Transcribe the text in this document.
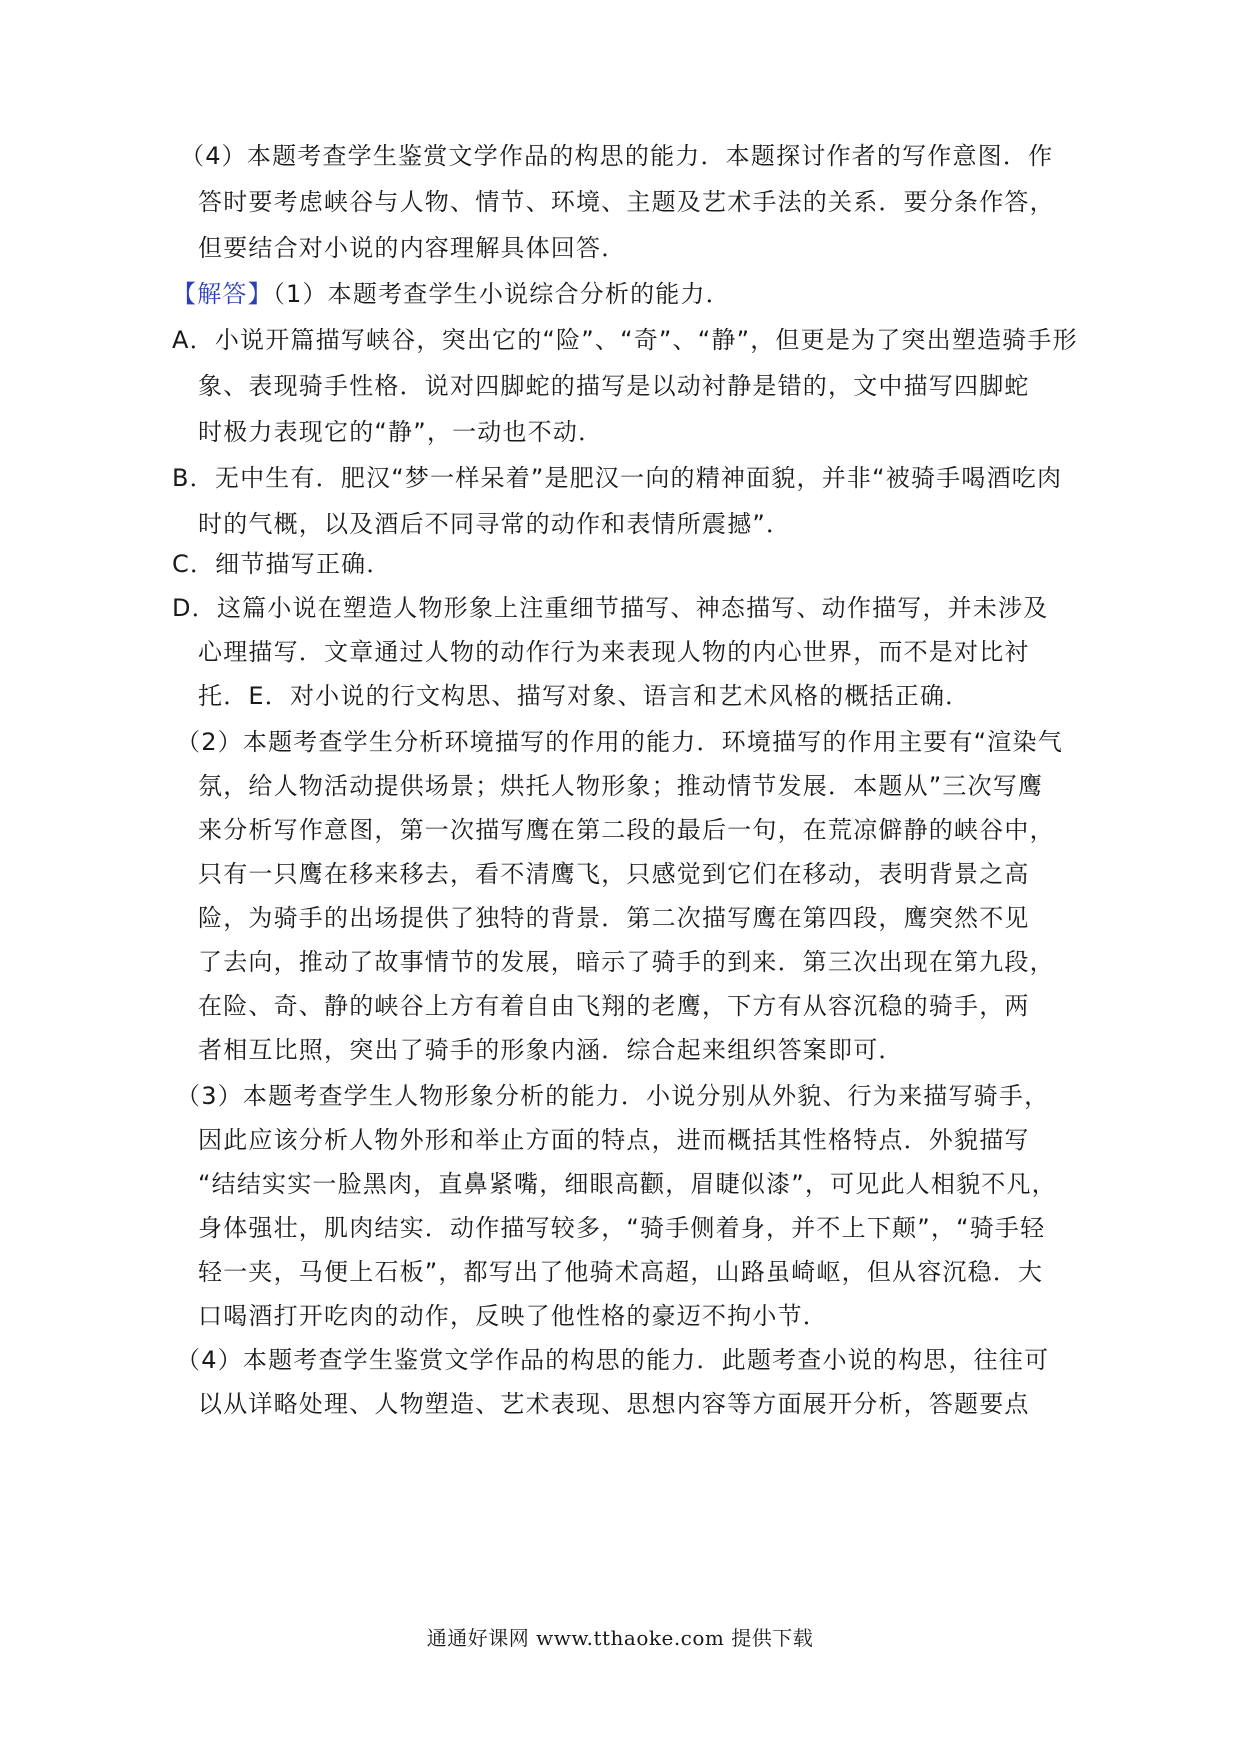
（4）本题考查学生鉴赏文学作品的构思的能力．本题探讨作者的写作意图．作
答时要考虑峡谷与人物、情节、环境、主题及艺术手法的关系．要分条作答，
但要结合对小说的内容理解具体回答．
【解答】（1）本题考查学生小说综合分析的能力．
A．小说开篇描写峡谷，突出它的“险”、“奇”、“静”，但更是为了突出塑造骑手形
象、表现骑手性格．说对四脚蛇的描写是以动衬静是错的，文中描写四脚蛇
时极力表现它的“静”，一动也不动．
B．无中生有．肥汉“梦一样呆着”是肥汉一向的精神面貌，并非“被骑手喝酒吃肉
时的气概，以及酒后不同寻常的动作和表情所震撼”．
C．细节描写正确．
D．这篇小说在塑造人物形象上注重细节描写、神态描写、动作描写，并未涉及
心理描写．文章通过人物的动作行为来表现人物的内心世界，而不是对比衬
托．E．对小说的行文构思、描写对象、语言和艺术风格的概括正确．
（2）本题考查学生分析环境描写的作用的能力．环境描写的作用主要有“渲染气
氛，给人物活动提供场景；烘托人物形象；推动情节发展．本题从”三次写鹰
来分析写作意图，第一次描写鹰在第二段的最后一句，在荒凉僻静的峡谷中，
只有一只鹰在移来移去，看不清鹰飞，只感觉到它们在移动，表明背景之高
险，为骑手的出场提供了独特的背景．第二次描写鹰在第四段，鹰突然不见
了去向，推动了故事情节的发展，暗示了骑手的到来．第三次出现在第九段，
在险、奇、静的峡谷上方有着自由飞翔的老鹰，下方有从容沉稳的骑手，两
者相互比照，突出了骑手的形象内涵．综合起来组织答案即可．
（3）本题考查学生人物形象分析的能力．小说分别从外貌、行为来描写骑手，
因此应该分析人物外形和举止方面的特点，进而概括其性格特点．外貌描写
“结结实实一脸黑肉，直鼻紧嘴，细眼高颧，眉睫似漆”，可见此人相貌不凡，
身体强壮，肌肉结实．动作描写较多，“骑手侧着身，并不上下颠”，“骑手轻
轻一夹，马便上石板”，都写出了他骑术高超，山路虽崎岖，但从容沉稳．大
口喝酒打开吃肉的动作，反映了他性格的豪迈不拘小节．
（4）本题考查学生鉴赏文学作品的构思的能力．此题考查小说的构思，往往可
以从详略处理、人物塑造、艺术表现、思想内容等方面展开分析，答题要点
通通好课网 www.tthaoke.com 提供下载
